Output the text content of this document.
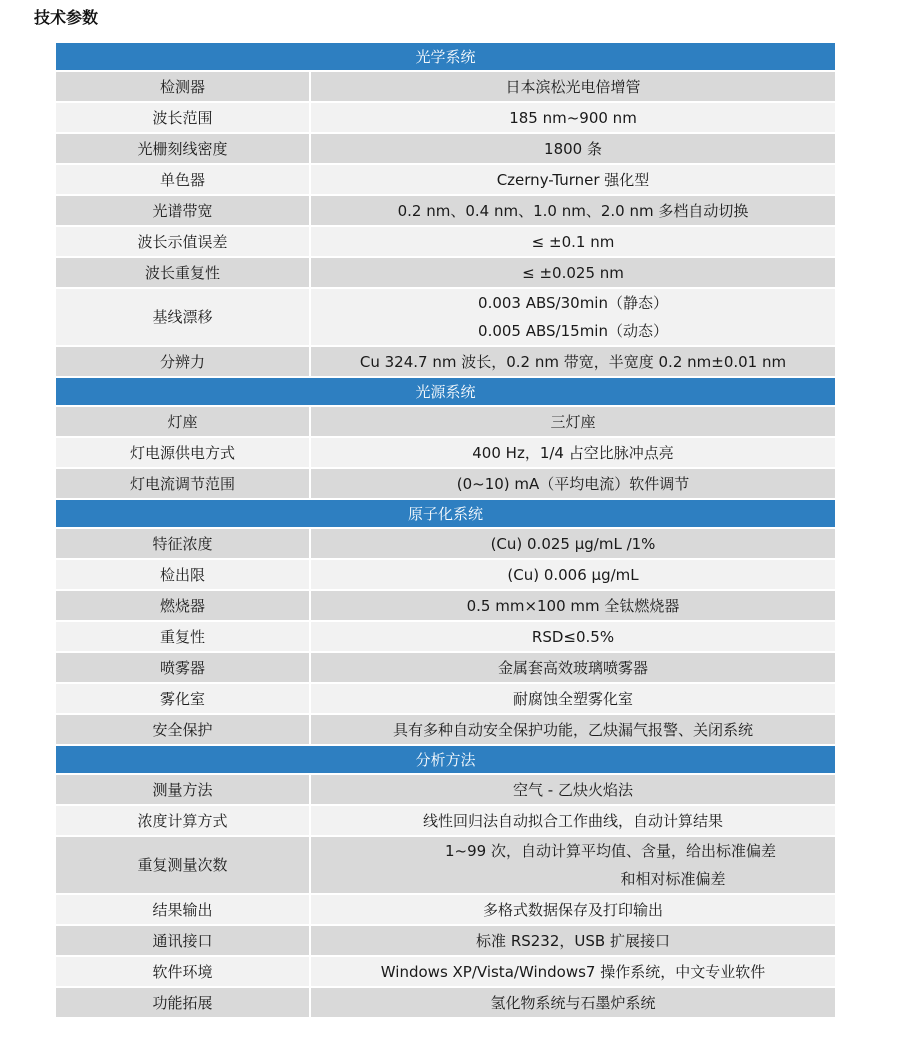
技术参数
光学系统	
检测器	日本滨松光电倍增管

波长范围	185 nm~900 nm

光栅刻线密度	1800 条

单色器	Czerny-Turner 强化型

光谱带宽	0.2 nm、0.4 nm、1.0 nm、2.0 nm 多档自动切换

波长示值误差	≤ ±0.1 nm

波长重复性	≤ ±0.025 nm

基线漂移	0.003 ABS/30min（静态）
0.005 ABS/15min（动态）

分辨力	Cu 324.7 nm 波长，0.2 nm 带宽，半宽度 0.2 nm±0.01 nm

光源系统	
灯座	三灯座

灯电源供电方式	400 Hz，1/4 占空比脉冲点亮

灯电流调节范围	(0~10) mA（平均电流）软件调节

原子化系统	
特征浓度	(Cu) 0.025 μg/mL /1%

检出限	(Cu) 0.006 μg/mL

燃烧器	0.5 mm×100 mm 全钛燃烧器

重复性	RSD≤0.5%

喷雾器	金属套高效玻璃喷雾器

雾化室	耐腐蚀全塑雾化室

安全保护	具有多种自动安全保护功能，乙炔漏气报警、关闭系统

分析方法	
测量方法	空气 - 乙炔火焰法

浓度计算方式	线性回归法自动拟合工作曲线，自动计算结果

重复测量次数	1~99 次，自动计算平均值、含量，给出标准偏差
和相对标准偏差

结果输出	多格式数据保存及打印输出

通讯接口	标准 RS232，USB 扩展接口

软件环境	Windows XP/Vista/Windows7 操作系统，中文专业软件

功能拓展	氢化物系统与石墨炉系统
